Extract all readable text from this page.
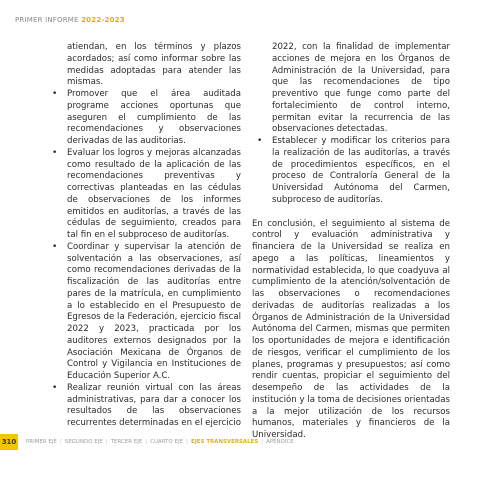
PRIMER INFORME 2022-2023

atiendan, en los términos y plazos acordados; así como informar sobre las medidas adoptadas para atender las mismas.

• Promover que el área auditada programe acciones oportunas que aseguren el cumplimiento de las recomendaciones y observaciones derivadas de las auditorias.
• Evaluar los logros y mejoras alcanzadas como resultado de la aplicación de las recomendaciones preventivas y correctivas planteadas en las cédulas de observaciones de los informes emitidos en auditorías, a través de las cédulas de seguimiento, creados para tal fin en el subproceso de auditorías.
• Coordinar y supervisar la atención de solventación a las observaciones, así como recomendaciones derivadas de la fiscalización de las auditorías entre pares de la matrícula, en cumplimiento a lo establecido en el Presupuesto de Egresos de la Federación, ejercicio fiscal 2022 y 2023, practicada por los auditores externos designados por la Asociación Mexicana de Órganos de Control y Vigilancia en Instituciones de Educación Superior A.C.
• Realizar reunión virtual con las áreas administrativas, para dar a conocer los resultados de las observaciones recurrentes determinadas en el ejercicio

2022, con la finalidad de implementar acciones de mejora en los Órganos de Administración de la Universidad, para que las recomendaciones de tipo preventivo que funge como parte del fortalecimiento de control interno, permitan evitar la recurrencia de las observaciones detectadas.

• Establecer y modificar los criterios para la realización de las auditorías, a través de procedimientos específicos, en el proceso de Contraloría General de la Universidad Autónoma del Carmen, subproceso de auditorías.

En conclusión, el seguimiento al sistema de control y evaluación administrativa y financiera de la Universidad se realiza en apego a las políticas, lineamientos y normatividad establecida, lo que coadyuva al cumplimiento de la atención/solventación de las observaciones o recomendaciones derivadas de auditorías realizadas a los Órganos de Administración de la Universidad Autónoma del Carmen, mismas que permiten los oportunidades de mejora e identificación de riesgos, verificar el cumplimiento de los planes, programas y presupuestos; así como rendir cuentas, propiciar el seguimiento del desempeño de las actividades de la institución y la toma de decisiones orientadas a la mejor utilización de los recursos humanos, materiales y financieros de la Universidad.

310	PRIMER EJE | SEGUNDO EJE | TERCER EJE | CUARTO EJE | EJES TRANSVERSALES | APÉNDICE
